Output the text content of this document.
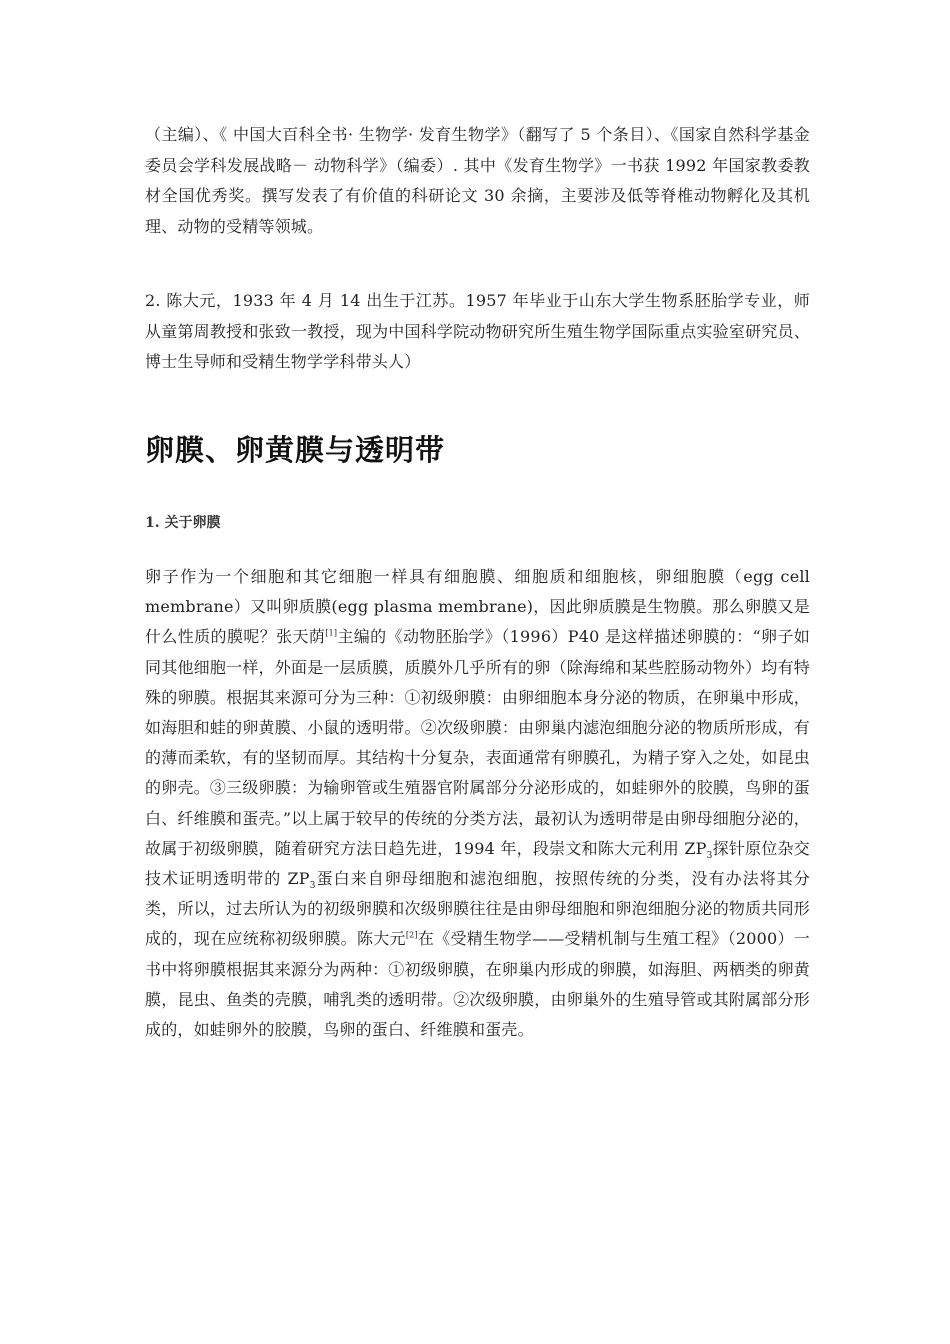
（主编）、《 中国大百科全书· 生物学· 发育生物学》（翻写了 5 个条目）、《国家自然科学基金委员会学科发展战略－ 动物科学》（编委）. 其中《发育生物学》一书获 1992 年国家教委教材全国优秀奖。撰写发表了有价值的科研论文 30 余摘，主要涉及低等脊椎动物孵化及其机理、动物的受精等领城。

2. 陈大元，1933 年 4 月 14 出生于江苏。1957 年毕业于山东大学生物系胚胎学专业，师从童第周教授和张致一教授，现为中国科学院动物研究所生殖生物学国际重点实验室研究员、博士生导师和受精生物学学科带头人）

卵膜、卵黄膜与透明带
1. 关于卵膜

卵子作为一个细胞和其它细胞一样具有细胞膜、细胞质和细胞核，卵细胞膜（egg cell membrane）又叫卵质膜(egg plasma membrane)，因此卵质膜是生物膜。那么卵膜又是什么性质的膜呢？张天荫[1]主编的《动物胚胎学》（1996）P40 是这样描述卵膜的：“卵子如同其他细胞一样，外面是一层质膜，质膜外几乎所有的卵（除海绵和某些腔肠动物外）均有特殊的卵膜。根据其来源可分为三种：①初级卵膜：由卵细胞本身分泌的物质，在卵巢中形成，如海胆和蛙的卵黄膜、小鼠的透明带。②次级卵膜：由卵巢内滤泡细胞分泌的物质所形成，有的薄而柔软，有的坚韧而厚。其结构十分复杂，表面通常有卵膜孔，为精子穿入之处，如昆虫的卵壳。③三级卵膜：为输卵管或生殖器官附属部分分泌形成的，如蛙卵外的胶膜，鸟卵的蛋白、纤维膜和蛋壳。”以上属于较早的传统的分类方法，最初认为透明带是由卵母细胞分泌的，故属于初级卵膜，随着研究方法日趋先进，1994 年，段崇文和陈大元利用 $ZP_3$探针原位杂交技术证明透明带的 $ZP_3$蛋白来自卵母细胞和滤泡细胞，按照传统的分类，没有办法将其分类，所以，过去所认为的初级卵膜和次级卵膜往往是由卵母细胞和卵泡细胞分泌的物质共同形成的，现在应统称初级卵膜。陈大元[2]在《受精生物学——受精机制与生殖工程》（2000）一书中将卵膜根据其来源分为两种：①初级卵膜，在卵巢内形成的卵膜，如海胆、两栖类的卵黄膜，昆虫、鱼类的壳膜，哺乳类的透明带。②次级卵膜，由卵巢外的生殖导管或其附属部分形成的，如蛙卵外的胶膜，鸟卵的蛋白、纤维膜和蛋壳。
